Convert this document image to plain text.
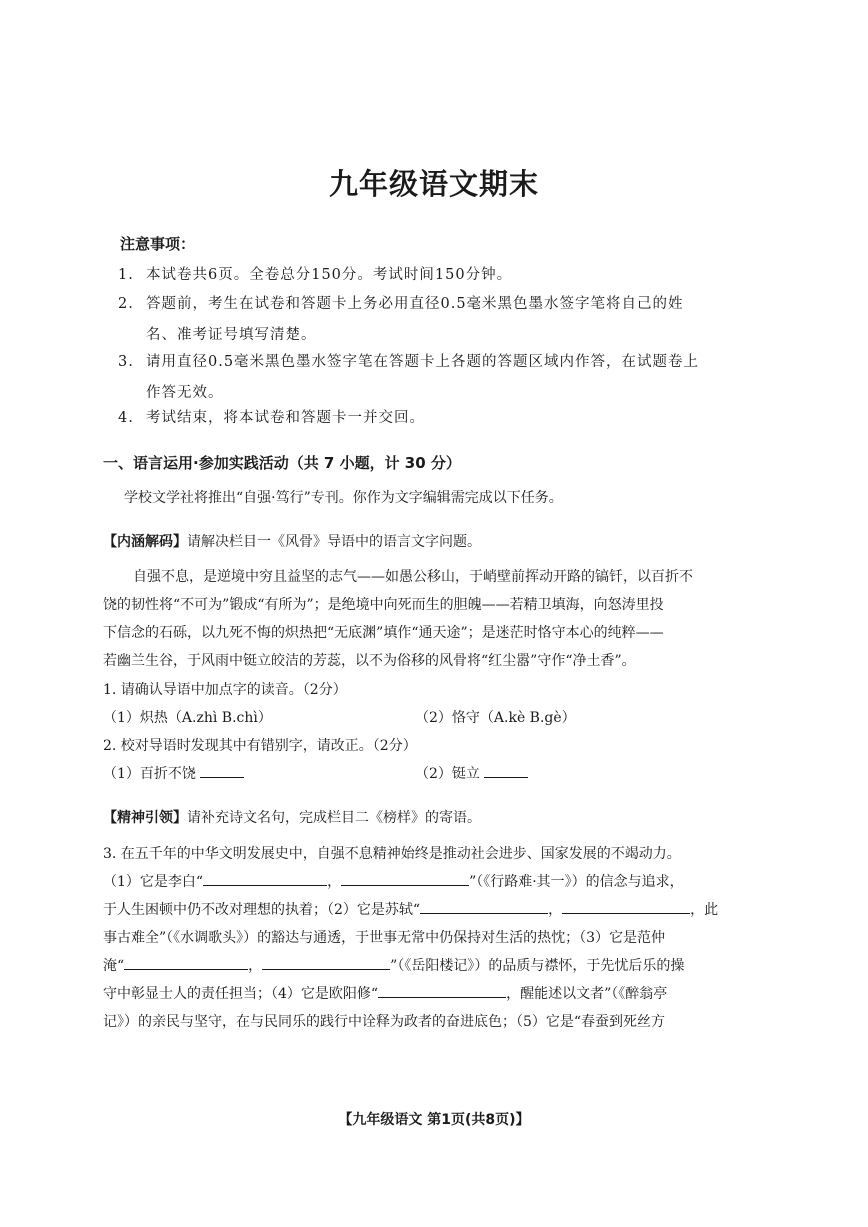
九年级语文期末
注意事项：
1. 本试卷共6页。全卷总分150分。考试时间150分钟。
2. 答题前，考生在试卷和答题卡上务必用直径0.5毫米黑色墨水签字笔将自己的姓
名、准考证号填写清楚。
3. 请用直径0.5毫米黑色墨水签字笔在答题卡上各题的答题区域内作答，在试题卷上
作答无效。
4. 考试结束，将本试卷和答题卡一并交回。
一、语言运用·参加实践活动（共 7 小题，计 30 分）
学校文学社将推出“自强·笃行”专刊。你作为文字编辑需完成以下任务。
【内涵解码】请解决栏目一《风骨》导语中的语言文字问题。
自强不息，是逆境中穷且益坚的志气——如愚公移山，于峭壁前挥动开路的镐钎，以百折不
饶的韧性将“不可为”锻成“有所为”；是绝境中向死而生的胆魄——若精卫填海，向怒涛里投
下信念的石砾，以九死不悔的炽热把“无底渊”填作“通天途”；是迷茫时恪守本心的纯粹——
若幽兰生谷，于风雨中铤立皎洁的芳蕊，以不为俗移的风骨将“红尘嚣”守作“净土香”。
1. 请确认导语中加点字的读音。（2分）
（1）炽热（A.zhì B.chì）	（2）恪守（A.kè B.gè）
2. 校对导语时发现其中有错别字，请改正。（2分）
（1）百折不饶	（2）铤立
【精神引领】请补充诗文名句，完成栏目二《榜样》的寄语。
3. 在五千年的中华文明发展史中，自强不息精神始终是推动社会进步、国家发展的不竭动力。
（1）它是李白“	，	”（《行路难·其一》）的信念与追求，
于人生困顿中仍不改对理想的执着；（2）它是苏轼“	，	，此
事古难全”（《水调歌头》）的豁达与通透，于世事无常中仍保持对生活的热忱；（3）它是范仲
淹“	，	”（《岳阳楼记》）的品质与襟怀，于先忧后乐的操
守中彰显士人的责任担当；（4）它是欧阳修“	，醒能述以文者”（《醉翁亭
记》）的亲民与坚守，在与民同乐的践行中诠释为政者的奋进底色；（5）它是“春蚕到死丝方
【九年级语文 第1页(共8页)】
